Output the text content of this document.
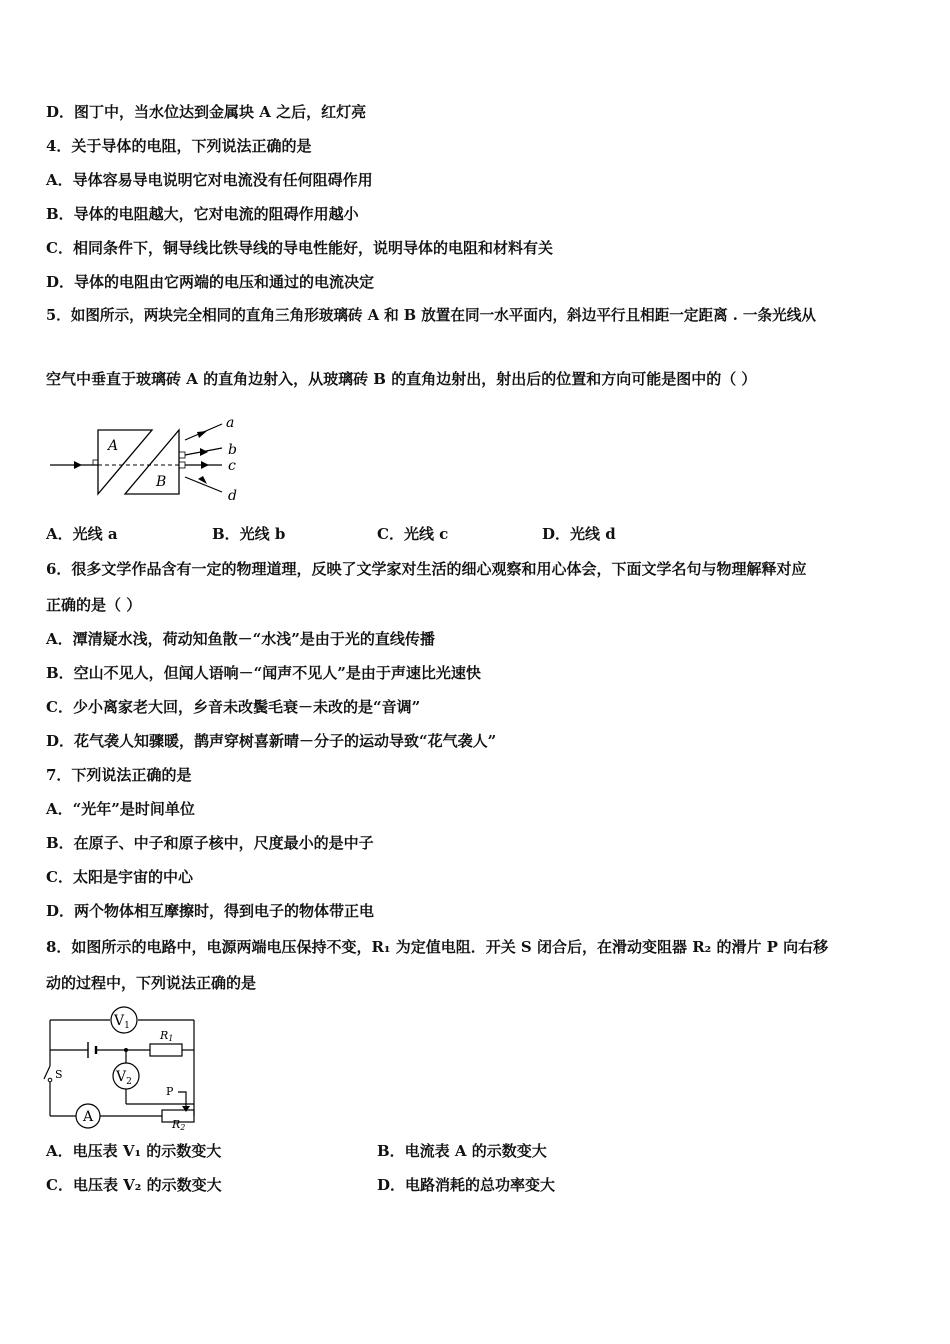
D．图丁中，当水位达到金属块 A 之后，红灯亮
4．关于导体的电阻，下列说法正确的是
A．导体容易导电说明它对电流没有任何阻碍作用
B．导体的电阻越大，它对电流的阻碍作用越小
C．相同条件下，铜导线比铁导线的导电性能好，说明导体的电阻和材料有关
D．导体的电阻由它两端的电压和通过的电流决定
5．如图所示，两块完全相同的直角三角形玻璃砖 A 和 B 放置在同一水平面内，斜边平行且相距一定距离 . 一条光线从
空气中垂直于玻璃砖 A 的直角边射入，从玻璃砖 B 的直角边射出，射出后的位置和方向可能是图中的（ ）
A
B
a
b
c
d
A．光线 a	B．光线 b	C．光线 c	D．光线 d
6．很多文学作品含有一定的物理道理，反映了文学家对生活的细心观察和用心体会，下面文学名句与物理解释对应
正确的是（ ）
A．潭清疑水浅，荷动知鱼散－“水浅”是由于光的直线传播
B．空山不见人，但闻人语响－“闻声不见人”是由于声速比光速快
C．少小离家老大回，乡音未改鬓毛衰－未改的是“音调”
D．花气袭人知骤暖，鹊声穿树喜新晴－分子的运动导致“花气袭人”
7．下列说法正确的是
A．“光年”是时间单位
B．在原子、中子和原子核中，尺度最小的是中子
C．太阳是宇宙的中心
D．两个物体相互摩擦时，得到电子的物体带正电
8．如图所示的电路中，电源两端电压保持不变，R₁ 为定值电阻．开关 S 闭合后，在滑动变阻器 R₂ 的滑片 P 向右移
动的过程中，下列说法正确的是
$V_1$
$V_2$
A
R1
R2
S
P
A．电压表 V₁ 的示数变大	B．电流表 A 的示数变大
C．电压表 V₂ 的示数变大	D．电路消耗的总功率变大
